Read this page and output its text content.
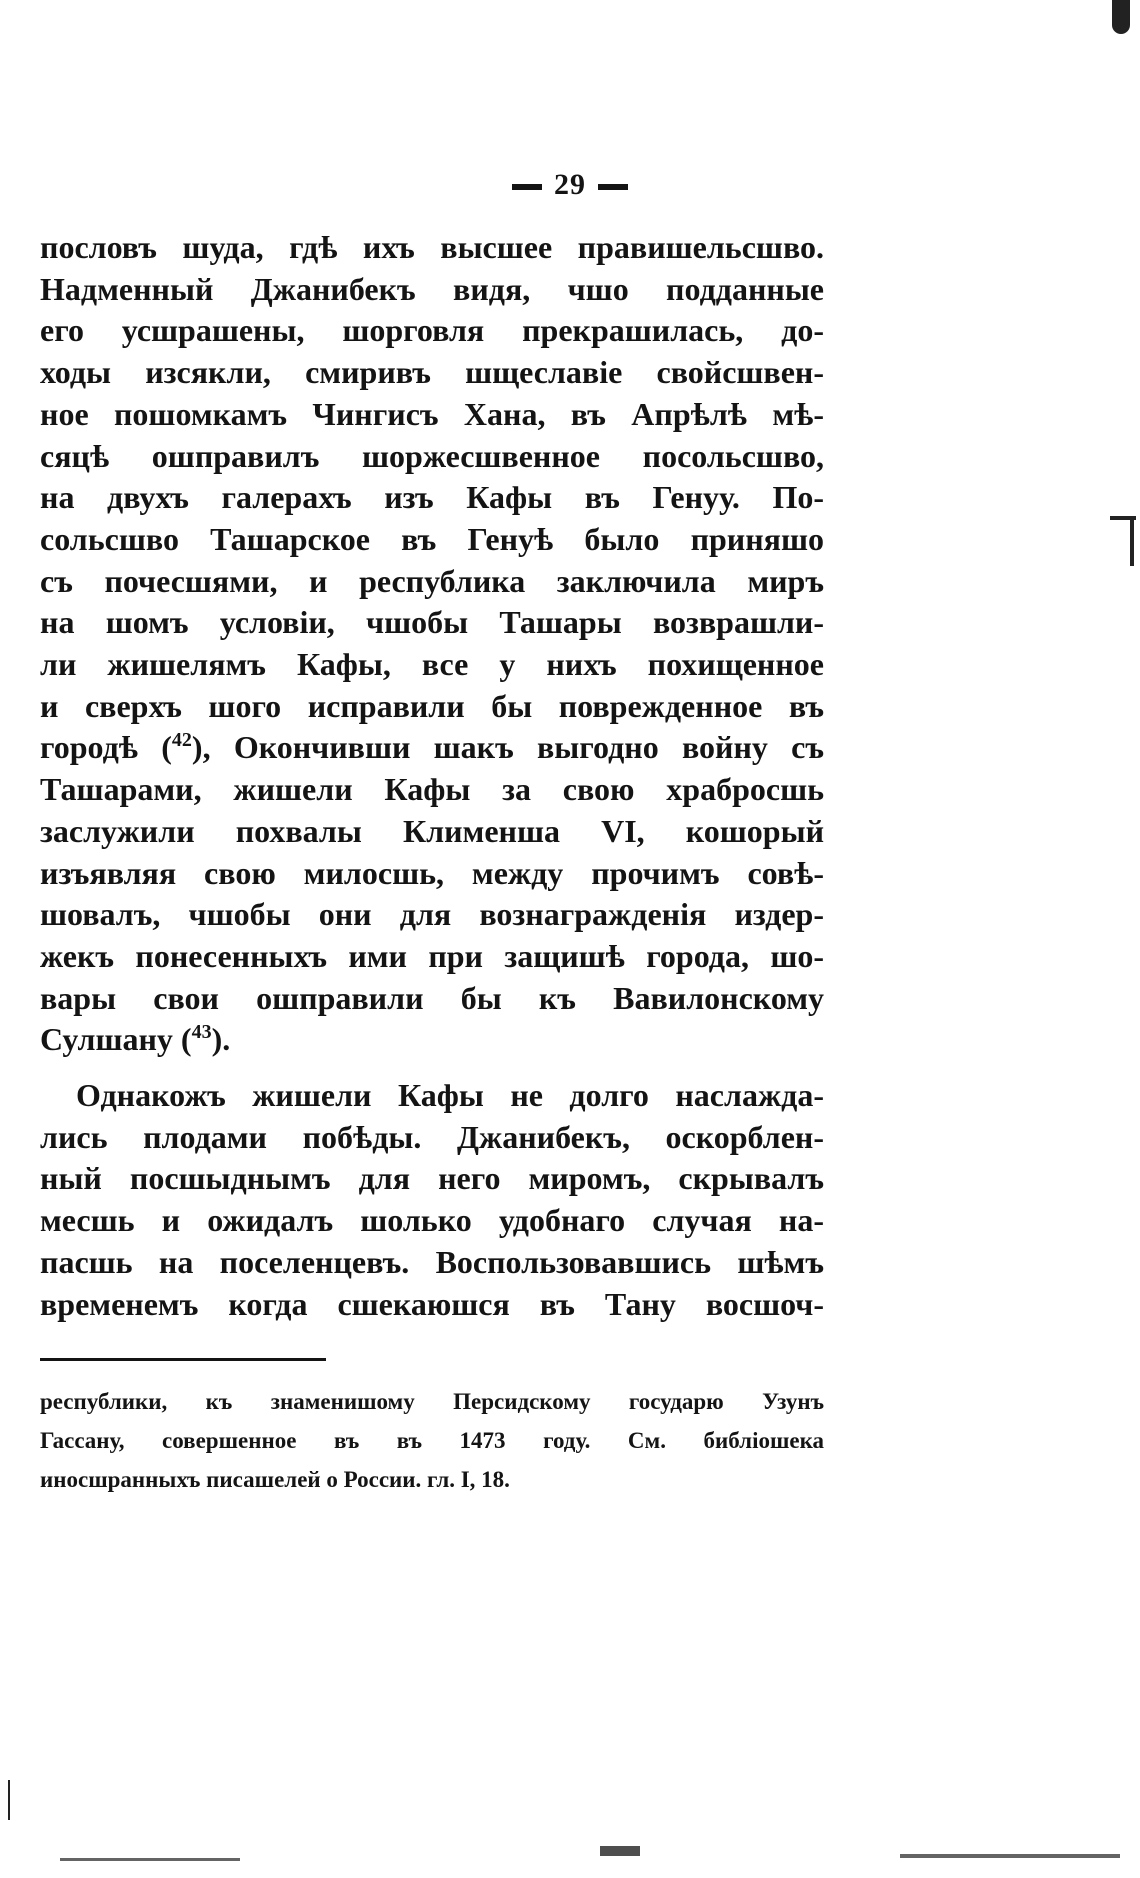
29
пословъ шуда, гдѣ ихъ высшее правишельсшво.
Надменный Джанибекъ видя, чшо подданные
его усшрашены, шорговля прекрашилась, до-
ходы изсякли, смиривъ шщеславіе свойсшвен-
ное пошомкамъ Чингисъ Хана, въ Апрѣлѣ мѣ-
сяцѣ ошправилъ шоржесшвенное посольсшво,
на двухъ галерахъ изъ Кафы въ Генуу. По-
сольсшво Ташарское въ Генуѣ было приняшо
съ почесшями, и республика заключила миръ
на шомъ условіи, чшобы Ташары возврашли-
ли жишелямъ Кафы, все у нихъ похищенное
и сверхъ шого исправили бы поврежденное въ
городѣ ($^{42}$), Окончивши шакъ выгодно войну съ
Ташарами, жишели Кафы за свою храбросшь
заслужили похвалы Клименша VI, кошорый
изъявляя свою милосшь, между прочимъ совѣ-
шовалъ, чшобы они для вознагражденія издер-
жекъ понесенныхъ ими при защишѣ города, шо-
вары свои ошправили бы къ Вавилонскому
Сулшану ($^{43}$).
Однакожъ жишели Кафы не долго наслажда-
лись плодами побѣды. Джанибекъ, оскорблен-
ный посшыднымъ для него миромъ, скрывалъ
месшь и ожидалъ шолько удобнаго случая на-
пасшь на поселенцевъ. Воспользовавшись шѣмъ
временемъ когда сшекаюшся въ Тану восшоч-
республики, къ знаменишому Персидскому государю Узунъ
Гассану, совершенное въ въ 1473 году. См. библіошека
иносшранныхъ писашелей о России. гл. I, 18.
